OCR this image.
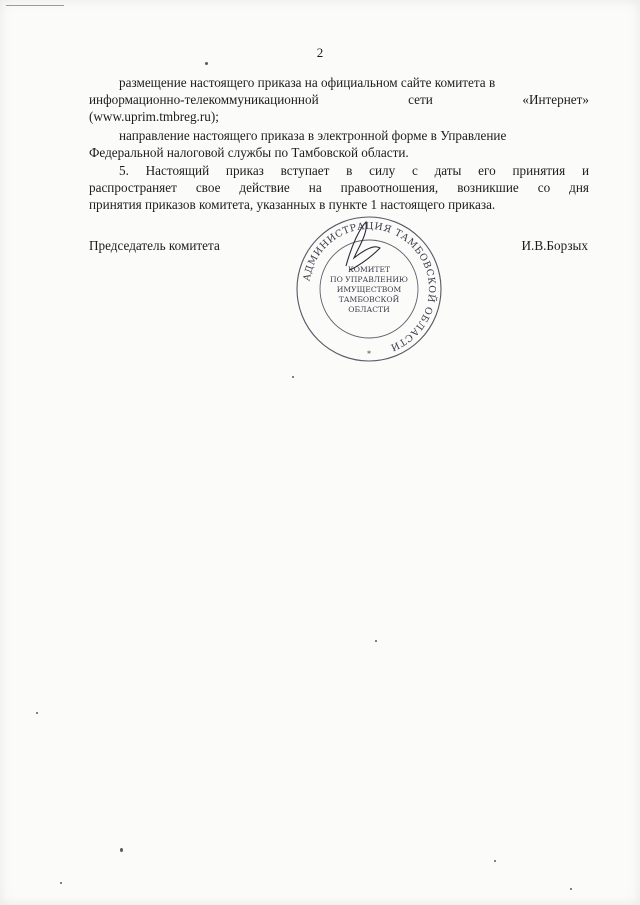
2

размещение настоящего приказа на официальном сайте комитета в

информационно-телекоммуникационной сети «Интернет»

(www.uprim.tmbreg.ru);

направление настоящего приказа в электронной форме в Управление

Федеральной налоговой службы по Тамбовской области.

5. Настоящий приказ вступает в силу с даты его принятия и

распространяет свое действие на правоотношения, возникшие со дня

принятия приказов комитета, указанных в пункте 1 настоящего приказа.

Председатель комитета	И.В.Борзых
АДМИНИСТРАЦИЯ ТАМБОВСКОЙ ОБЛАСТИ
КОМИТЕТ
ПО УПРАВЛЕНИЮ
ИМУЩЕСТВОМ
ТАМБОВСКОЙ
ОБЛАСТИ
*
